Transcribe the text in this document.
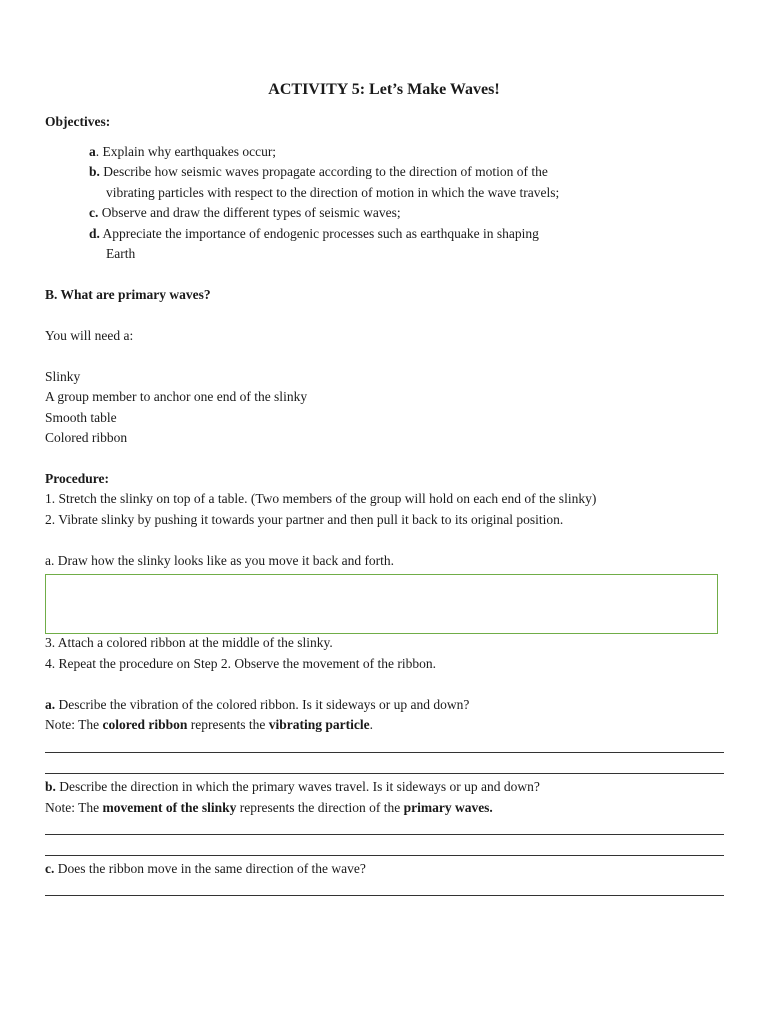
ACTIVITY 5: Let’s Make Waves!
Objectives:
a. Explain why earthquakes occur;
b. Describe how seismic waves propagate according to the direction of motion of the
vibrating particles with respect to the direction of motion in which the wave travels;
c. Observe and draw the different types of seismic waves;
d. Appreciate the importance of endogenic processes such as earthquake in shaping
Earth
B. What are primary waves?
You will need a:
Slinky
A group member to anchor one end of the slinky
Smooth table
Colored ribbon
Procedure:
1. Stretch the slinky on top of a table. (Two members of the group will hold on each end of the slinky)
2. Vibrate slinky by pushing it towards your partner and then pull it back to its original position.
a. Draw how the slinky looks like as you move it back and forth.
3. Attach a colored ribbon at the middle of the slinky.
4. Repeat the procedure on Step 2. Observe the movement of the ribbon.
a. Describe the vibration of the colored ribbon. Is it sideways or up and down?
Note: The colored ribbon represents the vibrating particle.
b. Describe the direction in which the primary waves travel. Is it sideways or up and down?
Note: The movement of the slinky represents the direction of the primary waves.
c. Does the ribbon move in the same direction of the wave?
